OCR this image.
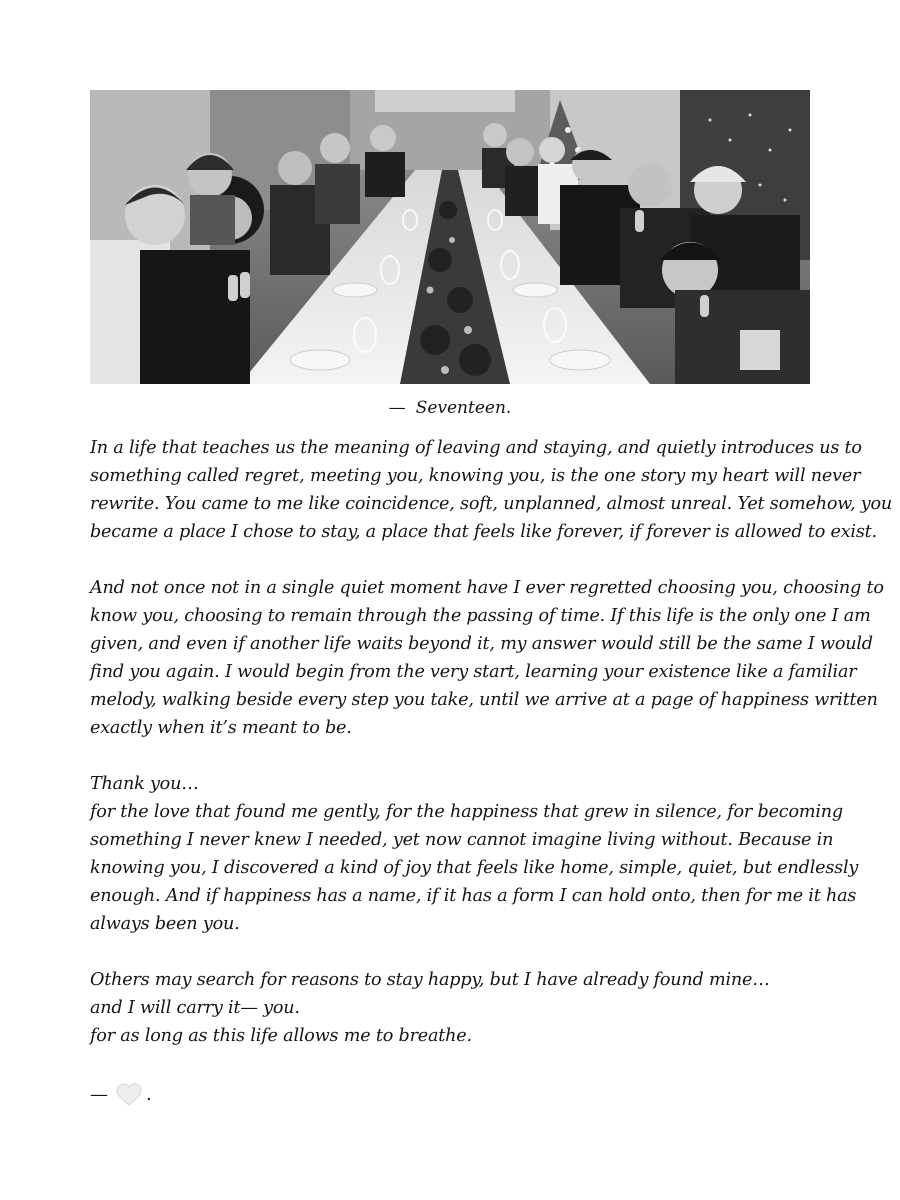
— Seventeen.

In a life that teaches us the meaning of leaving and staying, and quietly introduces us to
something called regret, meeting you, knowing you, is the one story my heart will never
rewrite. You came to me like coincidence, soft, unplanned, almost unreal. Yet somehow, you
became a place I chose to stay, a place that feels like forever, if forever is allowed to exist.

And not once not in a single quiet moment have I ever regretted choosing you, choosing to
know you, choosing to remain through the passing of time. If this life is the only one I am
given, and even if another life waits beyond it, my answer would still be the same I would
find you again. I would begin from the very start, learning your existence like a familiar
melody, walking beside every step you take, until we arrive at a page of happiness written
exactly when it’s meant to be.

Thank you…
for the love that found me gently, for the happiness that grew in silence, for becoming
something I never knew I needed, yet now cannot imagine living without. Because in
knowing you, I discovered a kind of joy that feels like home, simple, quiet, but endlessly
enough. And if happiness has a name, if it has a form I can hold onto, then for me it has
always been you.

Others may search for reasons to stay happy, but I have already found mine…
and I will carry it— you.
for as long as this life allows me to breathe.

— .
